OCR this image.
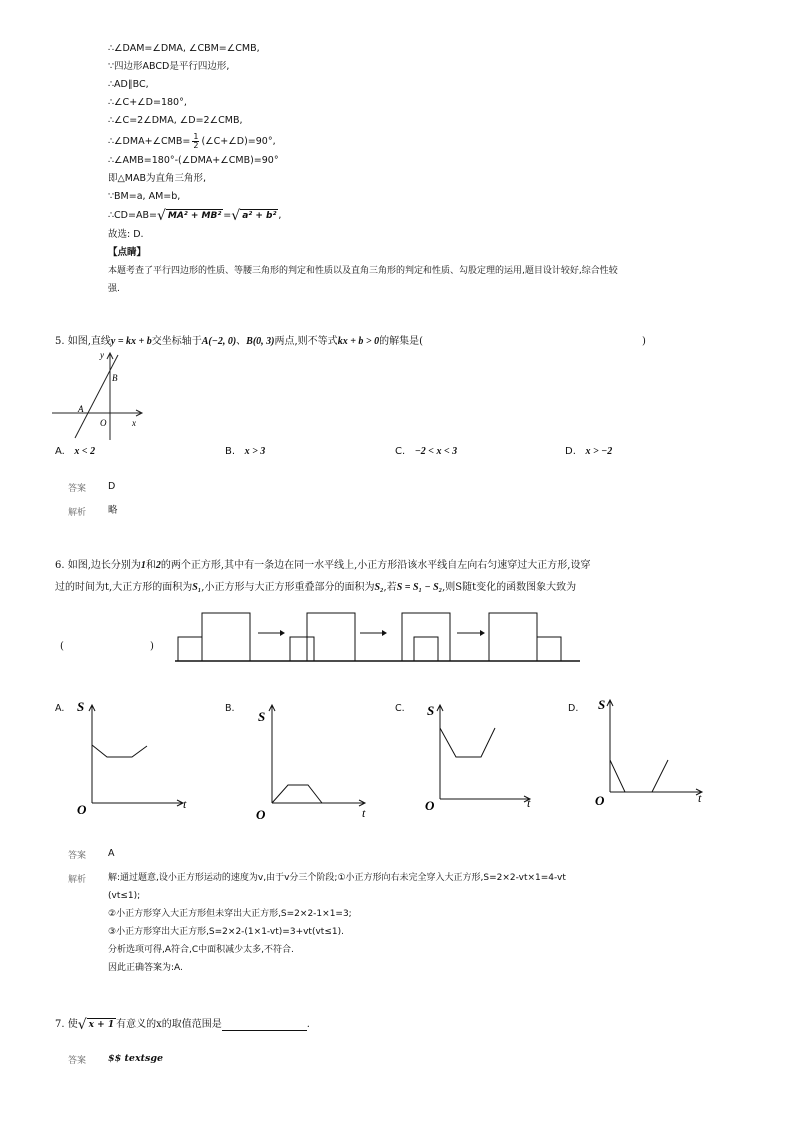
∴∠DAM=∠DMA, ∠CBM=∠CMB,
∵四边形ABCD是平行四边形,
∴AD∥BC,
∴∠C+∠D=180°,
∴∠C=2∠DMA, ∠D=2∠CMB,
∴∠DMA+∠CMB= $\frac{1}{2}$ (∠C+∠D)=90°,
∴∠AMB=180°-(∠DMA+∠CMB)=90°
即△MAB为直角三角形,
∵BM=a, AM=b,
∴CD=AB=√ MA² + MB² =√ a² + b² ,
故选: D.
【点睛】
本题考查了平行四边形的性质、等腰三角形的判定和性质以及直角三角形的判定和性质、勾股定理的运用,题目设计较好,综合性较
强.
5. 如图,直线y = kx + b交坐标轴于A(−2, 0)、B(0, 3)两点,则不等式kx + b > 0的解集是(	)
y
x
B
A
O
A. x < 2	B. x > 3	C. −2 < x < 3	D. x > −2
答案 D
解析 略
6. 如图,边长分别为1和2的两个正方形,其中有一条边在同一水平线上,小正方形沿该水平线自左向右匀速穿过大正方形,设穿
过的时间为t,大正方形的面积为S₁,小正方形与大正方形重叠部分的面积为S₂,若S = S₁ − S₂,则S随t变化的函数图象大致为
(	)
A. S
O	t
B.
S
O	t
C. S
O	t
D. S
O	t
答案 A
解析 解:通过题意,设小正方形运动的速度为v,由于v分三个阶段;①小正方形向右未完全穿入大正方形,S=2×2-vt×1=4-vt
(vt≤1);
②小正方形穿入大正方形但未穿出大正方形,S=2×2-1×1=3;
③小正方形穿出大正方形,S=2×2-(1×1-vt)=3+vt(vt≤1).
分析选项可得,A符合,C中面积减少太多,不符合.
因此正确答案为:A.
7. 使√ x + 1 有意义的x的取值范围是	.
答案 $$ textsge
